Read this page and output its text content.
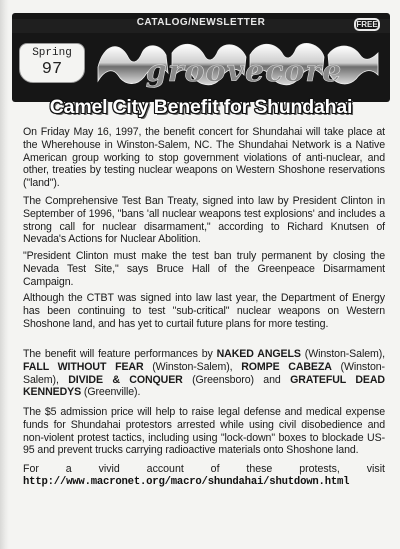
CATALOG/NEWSLETTER	FREE
Spring
97	groovecore
Camel City Benefit for Shundahai

On Friday May 16, 1997, the benefit concert for Shundahai will take place at the Wherehouse in Winston-Salem, NC. The Shundahai Network is a Native American group working to stop government violations of anti-nuclear, and other, treaties by testing nuclear weapons on Western Shoshone reservations ("land").

The Comprehensive Test Ban Treaty, signed into law by President Clinton in September of 1996, "bans 'all nuclear weapons test explosions' and includes a strong call for nuclear disarmament," according to Richard Knutsen of Nevada's Actions for Nuclear Abolition.

"President Clinton must make the test ban truly permanent by closing the Nevada Test Site," says Bruce Hall of the Greenpeace Disarmament Campaign.

Although the CTBT was signed into law last year, the Department of Energy has been continuing to test "sub-critical" nuclear weapons on Western Shoshone land, and has yet to curtail future plans for more testing.

The benefit will feature performances by NAKED ANGELS (Winston-Salem), FALL WITHOUT FEAR (Winston-Salem), ROMPE CABEZA (Winston-Salem), DIVIDE & CONQUER (Greensboro) and GRATEFUL DEAD KENNEDYS (Greenville).

The $5 admission price will help to raise legal defense and medical expense funds for Shundahai protestors arrested while using civil disobedience and non-violent protest tactics, including using "lock-down" boxes to blockade US-95 and prevent trucks carrying radioactive materials onto Shoshone land.

For	a	vivid	account	of	these	protests,	visit
http://www.macronet.org/macro/shundahai/shutdown.html
